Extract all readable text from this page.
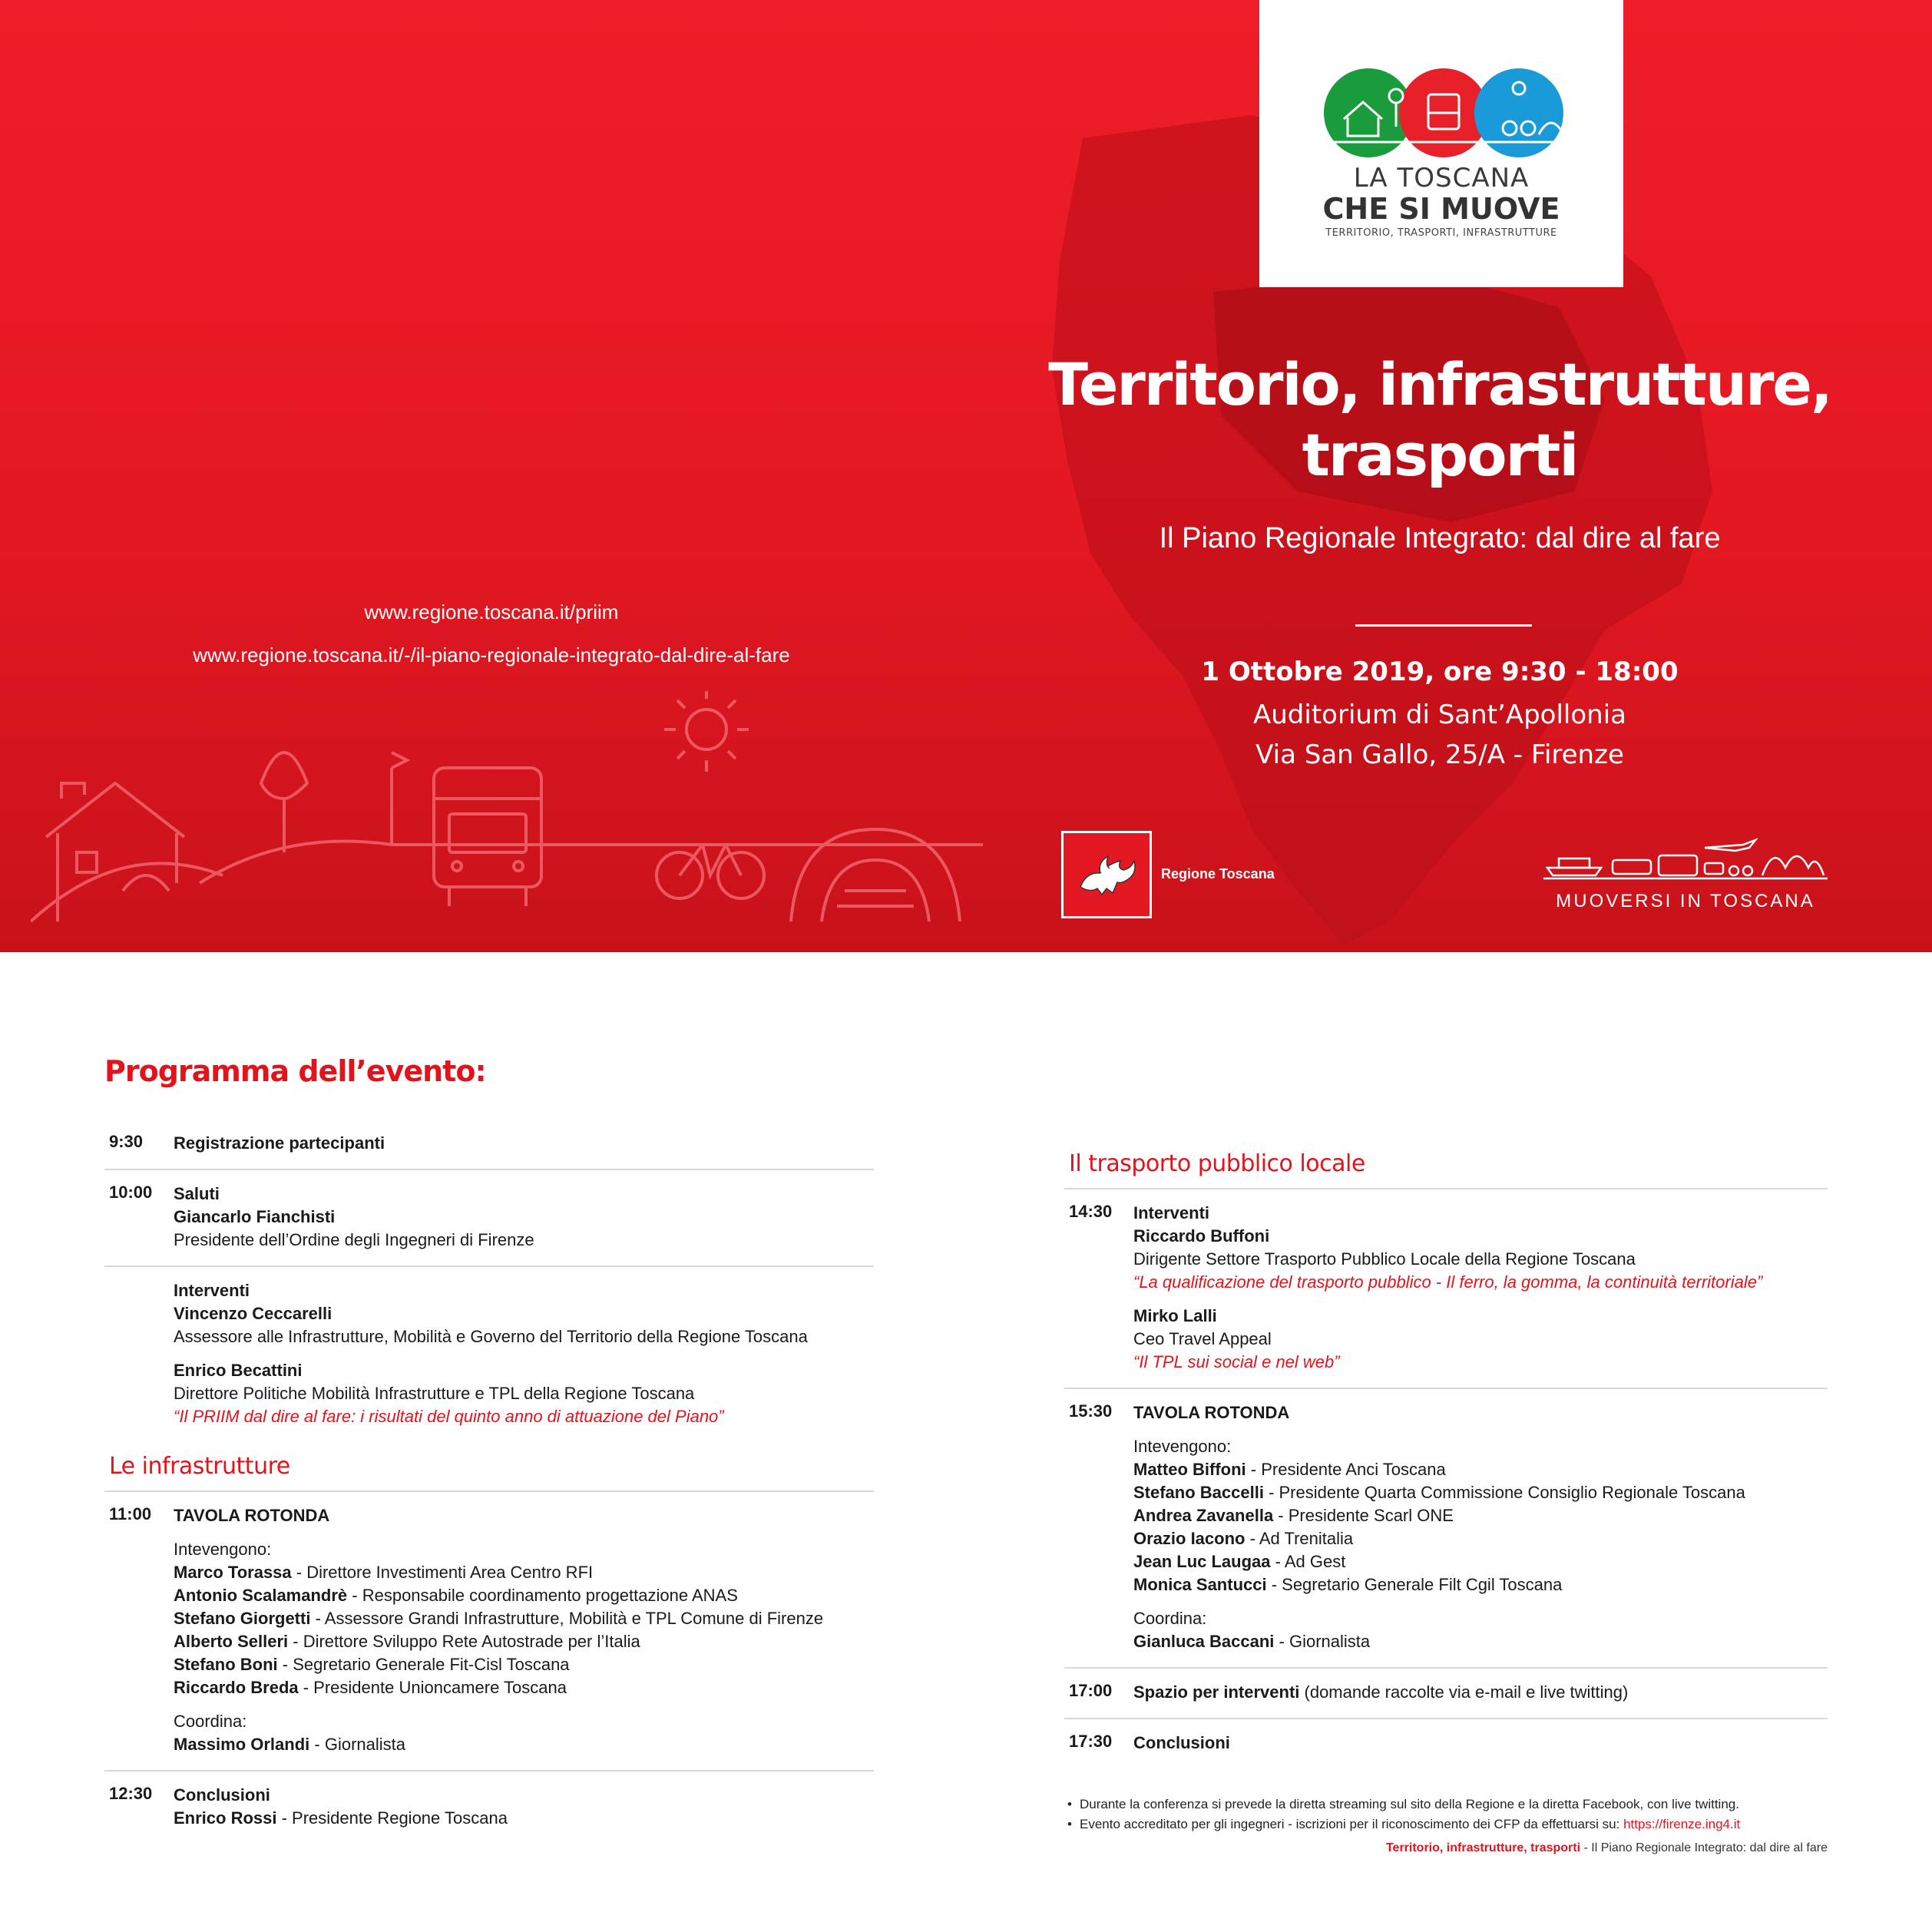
LA TOSCANA
CHE SI MUOVE
TERRITORIO, TRASPORTI, INFRASTRUTTURE
Territorio, infrastrutture,
trasporti
Il Piano Regionale Integrato: dal dire al fare
1 Ottobre 2019, ore 9:30 - 18:00
Auditorium di Sant’Apollonia
Via San Gallo, 25/A - Firenze
www.regione.toscana.it/priim
www.regione.toscana.it/-/il-piano-regionale-integrato-dal-dire-al-fare
Regione Toscana
MUOVERSI IN TOSCANA
Programma dell’evento:
9:30	Registrazione partecipanti
10:00	Saluti
Giancarlo Fianchisti
Presidente dell’Ordine degli Ingegneri di Firenze
Interventi
Vincenzo Ceccarelli
Assessore alle Infrastrutture, Mobilità e Governo del Territorio della Regione Toscana
Enrico Becattini
Direttore Politiche Mobilità Infrastrutture e TPL della Regione Toscana
“Il PRIIM dal dire al fare: i risultati del quinto anno di attuazione del Piano”
Le infrastrutture
11:00	TAVOLA ROTONDA
Intevengono:
Marco Torassa - Direttore Investimenti Area Centro RFI
Antonio Scalamandrè - Responsabile coordinamento progettazione ANAS
Stefano Giorgetti - Assessore Grandi Infrastrutture, Mobilità e TPL Comune di Firenze
Alberto Selleri - Direttore Sviluppo Rete Autostrade per l’Italia
Stefano Boni - Segretario Generale Fit-Cisl Toscana
Riccardo Breda - Presidente Unioncamere Toscana
Coordina:
Massimo Orlandi - Giornalista
12:30	Conclusioni
Enrico Rossi - Presidente Regione Toscana
Il trasporto pubblico locale
14:30	Interventi
Riccardo Buffoni
Dirigente Settore Trasporto Pubblico Locale della Regione Toscana
“La qualificazione del trasporto pubblico - Il ferro, la gomma, la continuità territoriale”
Mirko Lalli
Ceo Travel Appeal
“Il TPL sui social e nel web”
15:30	TAVOLA ROTONDA
Intevengono:
Matteo Biffoni - Presidente Anci Toscana
Stefano Baccelli - Presidente Quarta Commissione Consiglio Regionale Toscana
Andrea Zavanella - Presidente Scarl ONE
Orazio Iacono - Ad Trenitalia
Jean Luc Laugaa - Ad Gest
Monica Santucci - Segretario Generale Filt Cgil Toscana
Coordina:
Gianluca Baccani - Giornalista
17:00	Spazio per interventi (domande raccolte via e-mail e live twitting)
17:30	Conclusioni
• Durante la conferenza si prevede la diretta streaming sul sito della Regione e la diretta Facebook, con live twitting.
• Evento accreditato per gli ingegneri - iscrizioni per il riconoscimento dei CFP da effettuarsi su: https://firenze.ing4.it
Territorio, infrastrutture, trasporti - Il Piano Regionale Integrato: dal dire al fare
